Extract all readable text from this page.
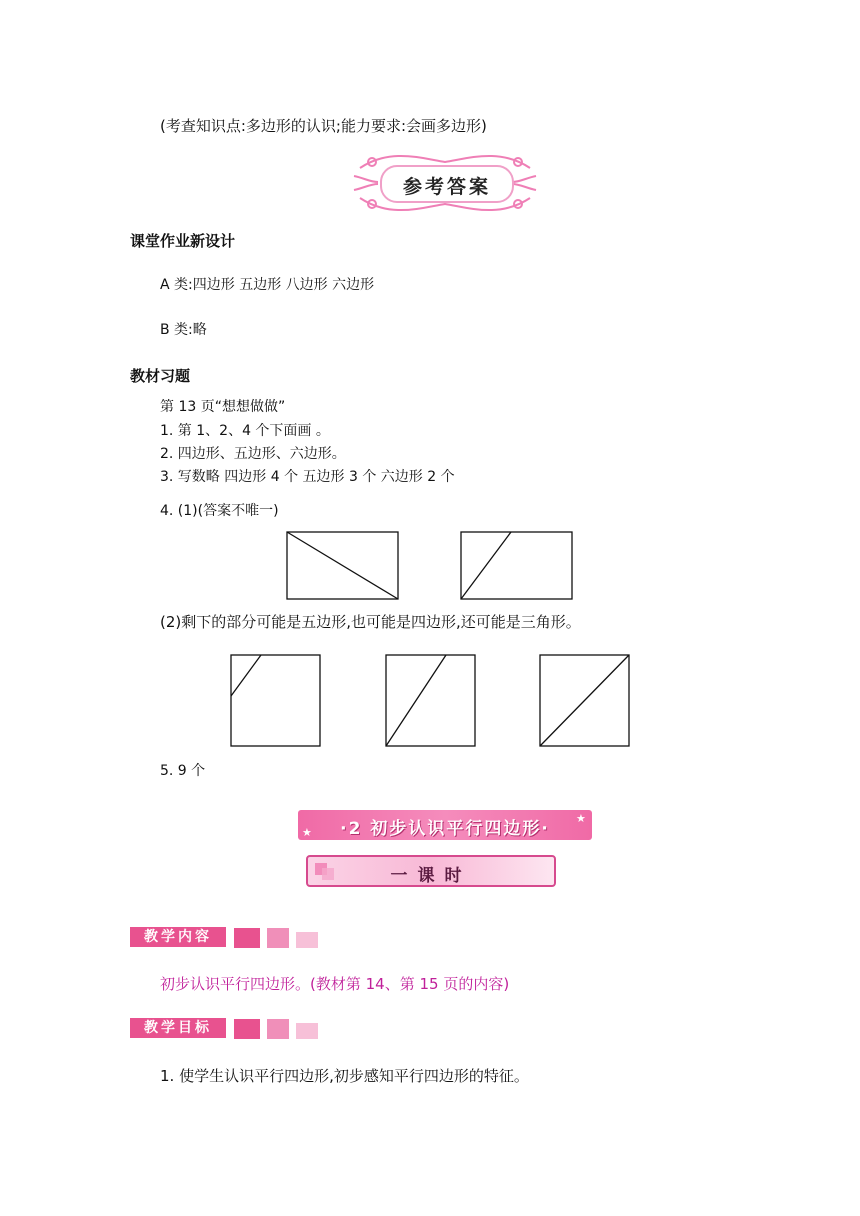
(考查知识点:多边形的认识;能力要求:会画多边形)
参考答案
课堂作业新设计
A 类:四边形 五边形 八边形 六边形
B 类:略
教材习题
第 13 页“想想做做”
1. 第 1、2、4 个下面画 。
2. 四边形、五边形、六边形。
3. 写数略 四边形 4 个 五边形 3 个 六边形 2 个
4. (1)(答案不唯一)
(2)剩下的部分可能是五边形,也可能是四边形,还可能是三角形。
5. 9 个
·2 初步认识平行四边形·
★
★
一课时
教学内容
初步认识平行四边形。(教材第 14、第 15 页的内容)
教学目标
1. 使学生认识平行四边形,初步感知平行四边形的特征。
